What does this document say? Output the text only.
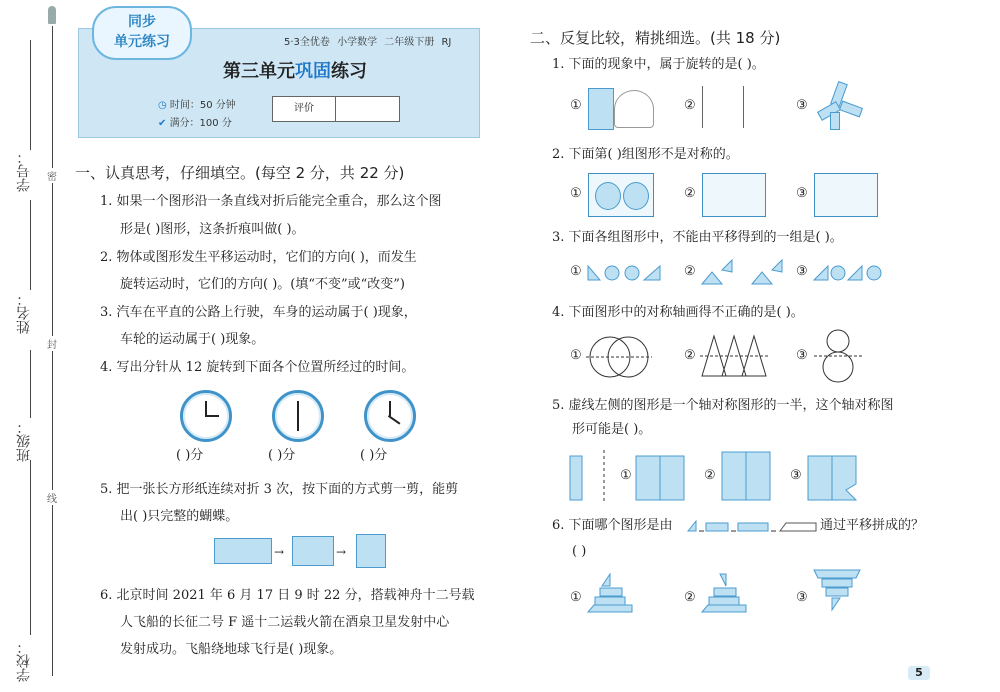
密
封
线
学号：
姓名：
班级：
学校：
同步
单元练习	5·3全优卷 小学数学 二年级下册 RJ
第三单元巩固练习
◷ 时间：50 分钟
✔ 满分：100 分
评价
一、认真思考，仔细填空。(每空 2 分，共 22 分)
1. 如果一个图形沿一条直线对折后能完全重合，那么这个图
形是( )图形，这条折痕叫做( )。
2. 物体或图形发生平移运动时，它们的方向( )，而发生
旋转运动时，它们的方向( )。(填“不变”或“改变”)
3. 汽车在平直的公路上行驶，车身的运动属于( )现象，
车轮的运动属于( )现象。
4. 写出分针从 12 旋转到下面各个位置所经过的时间。
( )分	( )分	( )分
5. 把一张长方形纸连续对折 3 次，按下面的方式剪一剪，能剪
出( )只完整的蝴蝶。
→	→
6. 北京时间 2021 年 6 月 17 日 9 时 22 分，搭载神舟十二号载
人飞船的长征二号 F 遥十二运载火箭在酒泉卫星发射中心
发射成功。飞船绕地球飞行是( )现象。
二、反复比较，精挑细选。(共 18 分)
1. 下面的现象中，属于旋转的是( )。
①	②	③
2. 下面第( )组图形不是对称的。
①	②	③
3. 下面各组图形中，不能由平移得到的一组是( )。
①	②	③
4. 下面图形中的对称轴画得不正确的是( )。
①	②	③
5. 虚线左侧的图形是一个轴对称图形的一半，这个轴对称图
形可能是( )。
①	②	③
6. 下面哪个图形是由	通过平移拼成的？
( )
①	②	③
5
